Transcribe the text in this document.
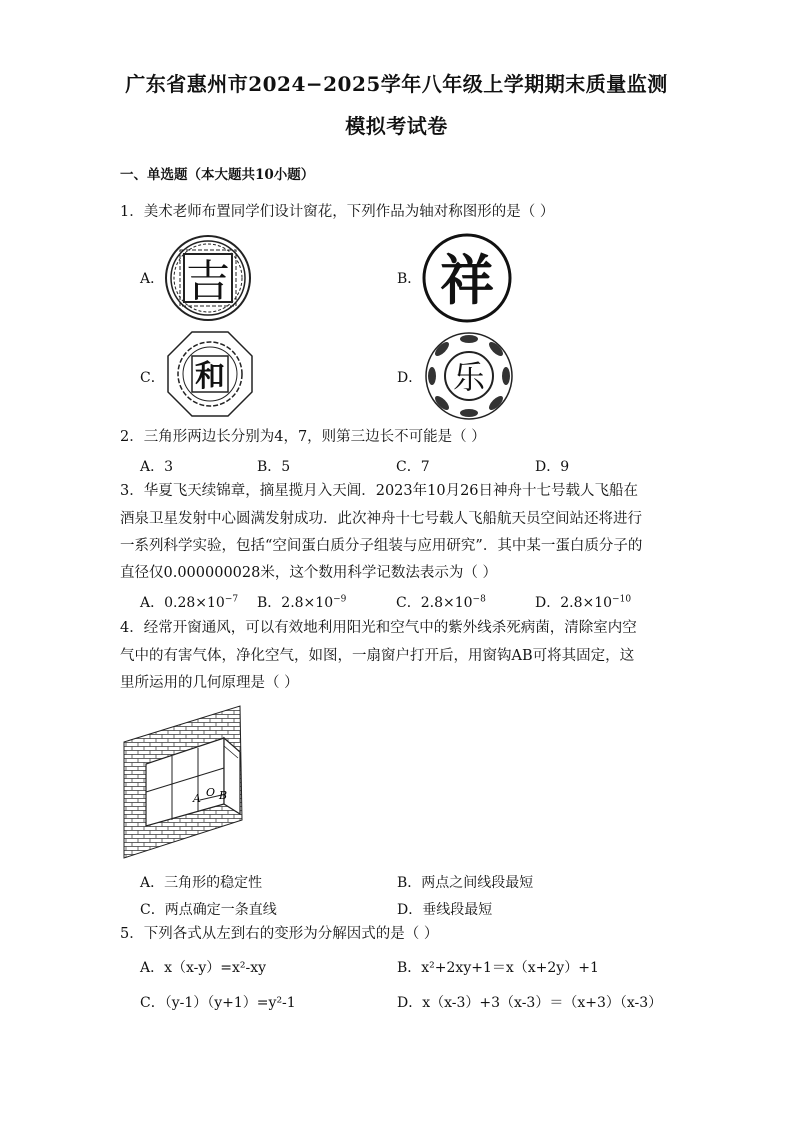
广东省惠州市2024−2025学年八年级上学期期末质量监测
模拟考试卷
一、单选题（本大题共10小题）
1．美术老师布置同学们设计窗花，下列作品为轴对称图形的是（ ）
A． 吉	B． 祥
C． 和	D． 乐
2．三角形两边长分别为4，7，则第三边长不可能是（ ）
A．3	B．5	C．7	D．9
3．华夏飞天续锦章，摘星揽月入天阊．2023年10月26日神舟十七号载人飞船在
酒泉卫星发射中心圆满发射成功．此次神舟十七号载人飞船航天员空间站还将进行
一系列科学实验，包括“空间蛋白质分子组装与应用研究”．其中某一蛋白质分子的
直径仅0.000000028米，这个数用科学记数法表示为（ ）
A．$0.28\times 10^{-7}$	B．$2.8\times 10^{-9}$	C．$2.8\times 10^{-8}$	D．$2.8\times 10^{-10}$
4．经常开窗通风，可以有效地利用阳光和空气中的紫外线杀死病菌，清除室内空
气中的有害气体，净化空气，如图，一扇窗户打开后，用窗钩AB可将其固定，这
里所运用的几何原理是（ ）
A O B
A．三角形的稳定性	B．两点之间线段最短
C．两点确定一条直线	D．垂线段最短
5．下列各式从左到右的变形为分解因式的是（ ）
A．x（x-y）=x²-xy	B．x²+2xy+1＝x（x+2y）+1
C．（y-1）（y+1）=y²-1	D．x（x-3）+3（x-3）＝（x+3）（x-3）
